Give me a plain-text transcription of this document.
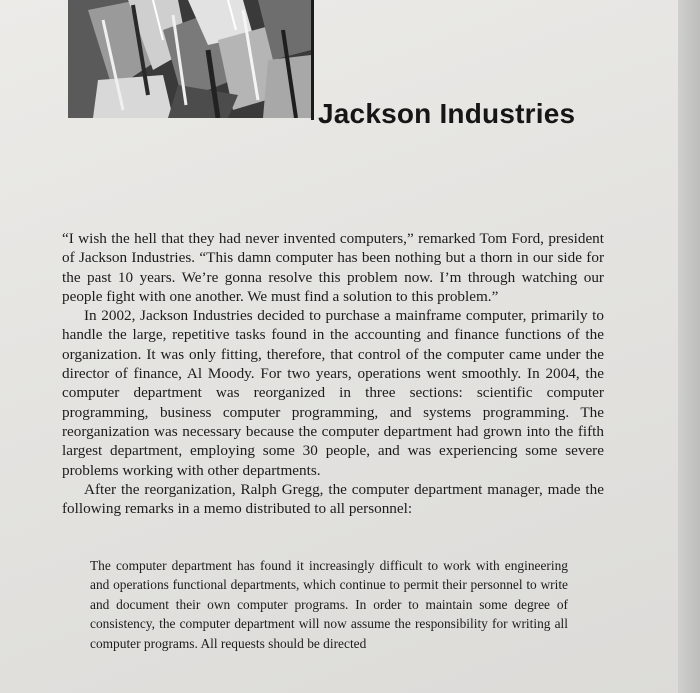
Jackson Industries

“I wish the hell that they had never invented computers,” remarked Tom Ford, president of Jackson Industries. “This damn computer has been nothing but a thorn in our side for the past 10 years. We’re gonna resolve this problem now. I’m through watching our people fight with one another. We must find a solution to this problem.”

In 2002, Jackson Industries decided to purchase a mainframe computer, primarily to handle the large, repetitive tasks found in the accounting and finance functions of the organization. It was only fitting, therefore, that control of the computer came under the director of finance, Al Moody. For two years, operations went smoothly. In 2004, the computer department was reorganized in three sections: scientific computer programming, business computer programming, and systems programming. The reorganization was necessary because the computer department had grown into the fifth largest department, employing some 30 people, and was experiencing some severe problems working with other departments.

After the reorganization, Ralph Gregg, the computer department manager, made the following remarks in a memo distributed to all personnel:

The computer department has found it increasingly difficult to work with engineering and operations functional departments, which continue to permit their personnel to write and document their own computer programs. In order to maintain some degree of consistency, the computer department will now assume the responsibility for writing all computer programs. All requests should be directed
